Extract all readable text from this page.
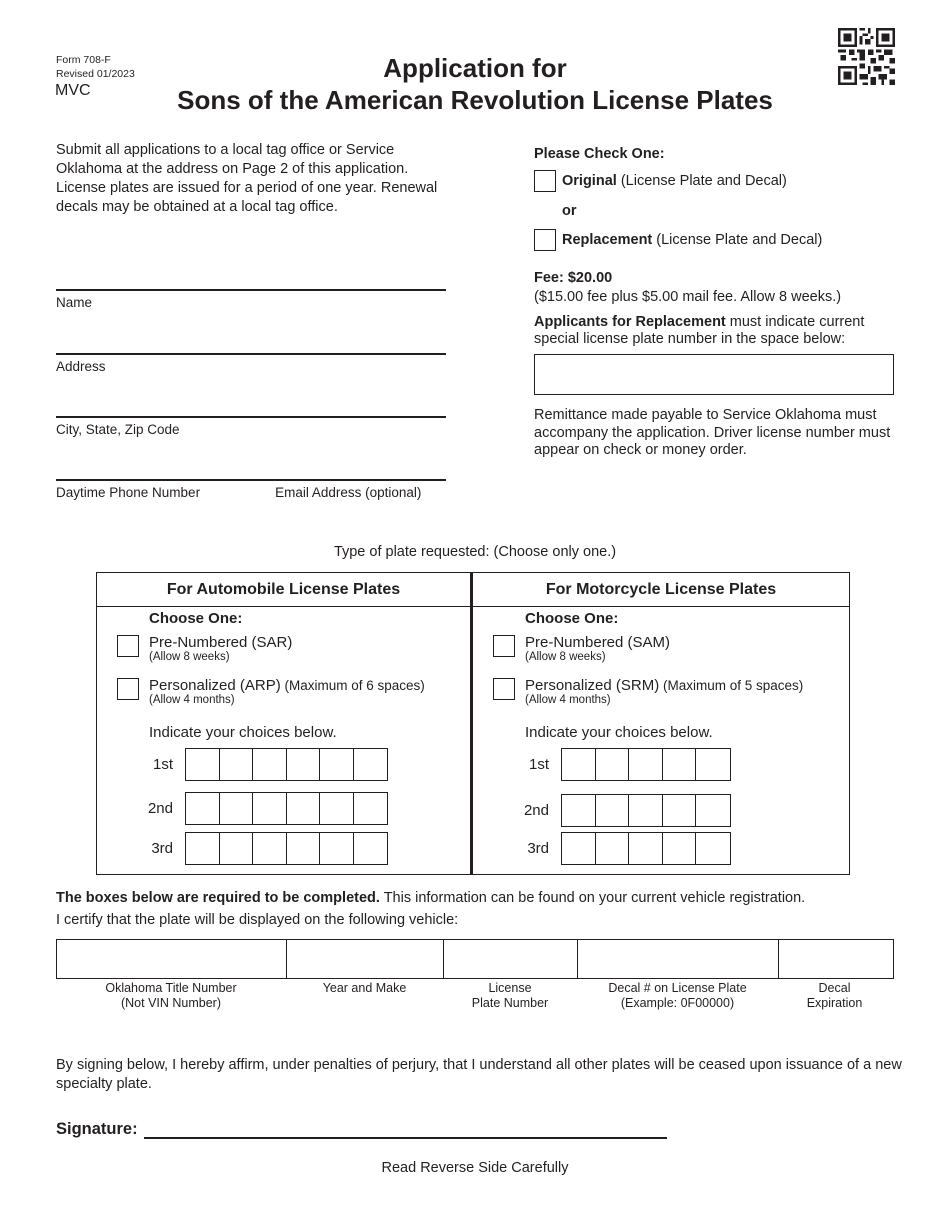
Form 708-F
Revised 01/2023
MVC
Application for
Sons of the American Revolution License Plates
Submit all applications to a local tag office or Service Oklahoma at the address on Page 2 of this application. License plates are issued for a period of one year. Renewal decals may be obtained at a local tag office.
Name
Address
City, State, Zip Code
Daytime Phone Number	Email Address (optional)
Please Check One:
Original (License Plate and Decal)
or
Replacement (License Plate and Decal)
Fee: $20.00
($15.00 fee plus $5.00 mail fee. Allow 8 weeks.)
Applicants for Replacement must indicate current special license plate number in the space below:
Remittance made payable to Service Oklahoma must accompany the application. Driver license number must appear on check or money order.
Type of plate requested: (Choose only one.)
For Automobile License Plates
Choose One:
Pre-Numbered (SAR)
(Allow 8 weeks)
Personalized (ARP) (Maximum of 6 spaces)
(Allow 4 months)
Indicate your choices below.
1st
2nd
3rd
For Motorcycle License Plates
Choose One:
Pre-Numbered (SAM)
(Allow 8 weeks)
Personalized (SRM) (Maximum of 5 spaces)
(Allow 4 months)
Indicate your choices below.
1st
2nd
3rd
The boxes below are required to be completed. This information can be found on your current vehicle registration.
I certify that the plate will be displayed on the following vehicle:
Oklahoma Title Number
(Not VIN Number)
Year and Make	License
Plate Number
Decal # on License Plate
(Example: 0F00000)
Decal
Expiration
By signing below, I hereby affirm, under penalties of perjury, that I understand all other plates will be ceased upon issuance of a new specialty plate.
Signature:
Read Reverse Side Carefully
